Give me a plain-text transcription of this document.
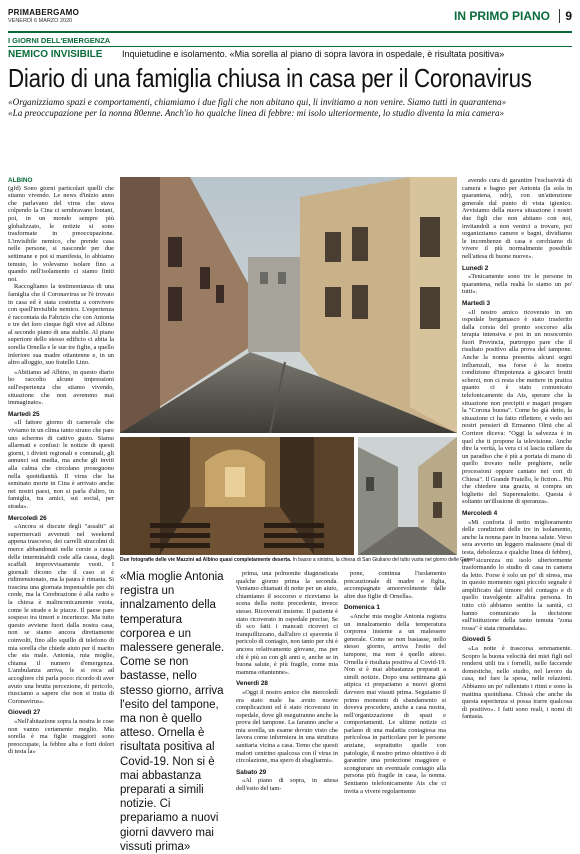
PRIMABERGAMO
VENERDÌ 6 MARZO 2020	IN PRIMO PIANO	9
I GIORNI DELL'EMERGENZA
NEMICO INVISIBILE Inquietudine e isolamento. «Mia sorella al piano di sopra lavora in ospedale, è risultata positiva»
Diario di una famiglia chiusa in casa per il Coronavirus
«Organizziamo spazi e comportamenti, chiamiamo i due figli che non abitano qui, li invitiamo a non venire. Siamo tutti in quarantena»
«La preoccupazione per la nonna 80enne. Anch'io ho qualche linea di febbre: mi isolo ulteriormente, lo studio diventa la mia camera»
ALBINO

(gfd) Sono giorni particolari quelli che stiamo vivendo. Le news d'inizio anno che parlavano del virus che stava colpendo la Cina ci sembravano lontani, poi, in un mondo sempre più globalizzato, le notizie si sono trasformate in preoccupazione. L'invisibile nemico, che prende casa nelle persone, si nasconde per due settimane e poi si manifesta, lo abbiamo temuto, lo volevamo isolare fino a quando nell'isolamento ci siamo finiti noi.

Raccogliamo la testimonianza di una famiglia che il Coronavirus se l'è trovato in casa ed è stata costretta a convivere con quell'invisibile nemico. L'esperienza è raccontata da Fabrizio che con Antonia e tre dei loro cinque figli vive ad Albino al secondo piano di una stabile. Al piano superiore dello stesso edificio ci abita la sorella Ornella e le sue tre figlie, a quello inferiore sua madre ottantenne e, in un altro alloggio, suo fratello Lino.

«Abitiamo ad Albino, in questo diario ho raccolto alcune impressioni sull'esperienza che stiamo vivendo, situazione che non avremmo mai immaginato».

Martedì 25

«Il fattore giorno di carnevale che viviamo in un clima tanto strano che pare uno schermo di cattivo gusto. Siamo allarmati e confusi: le notizie di questi giorni, i divieti regionali e comunali, gli annunci sui media, ma anche gli inviti alla calma che circolano proseguono nella quotidianità. Il virus che ha seminato morte in Cina è arrivato anche nei nostri paesi, non si parla d'altro, in famiglia, tra amici, sui social, per strada».

Mercoledì 26

«Ancora si discute degli "assalti" ai supermercati avvenuti nel weekend appena trascorso, dei carrelli stracolmi di merce abbandonati nelle corsie a causa delle interminabili code alla cassa, degli scaffali improvvisamente vuoti. I giornali dicono che il caso si è ridimensionato, ma la paura è rimasta. Si trascina una giornata impensabile per chi crede, ma la Cerebrazione è alla radio e la chiesa è malinconicamente vuota, come le strade e le piazze. Il paese pare sospeso tra timori e incertezze. Ma tutto questo avviene fuori dalla nostra casa, non se siamo ancora direttamente coinvolti, fino allo squillo di telefono di mia sorella che chiede aiuto per il marito che sta male. Antonia, mia moglie, chiama il numero d'emergenza. L'ambulanza arriva, le si reca ad accogliere chi parla poco: ricordo di aver avuto una brutta percezione, di pericolo, riusciamo a sapere che non si tratta di Coronavirus».

Giovedì 27

«Nell'abitazione sopra la nostra le cose non vanno certamente meglio. Mia sorella è ma figlie maggiori sono preoccupate, la febbre alta e forti dolori di testa la»

Due fotografie delle vie Mazzini ad Albino quasi completamente deserta. In basso a sinistra, la chiesa di San Giuliano del tutto vuota nel giorno delle Ceneri

avendo cura di garantire l'esclusività di camera e bagno per Antonia (la sola in quarantena, ndr), con un'attenzione generale dal punto di vista igienico. Avvisiamo della nuova situazione i nostri due figli che non abitano con noi, invitandoli a non venirci a trovare, poi organizziamo camere e bagni, dividiamo le incombenze di casa e cerchiamo di vivere il più normalmente possibile nell'attesa di buone nuove».

Lunedì 2

«Tenicamente sono tre le persone in quarantena, nella realtà lo siamo un po' tutti».

Martedì 3

«Il nostro amico ricoverato in un ospedale bergamasco è stato trasferito dalla corsia del pronto soccorso alla terapia intensiva e poi in un nosocomio fuori Provincia, purtroppo pare che il risultato positivo alla prova del tampone. Anche la nonna presenta alcuni segni influenzali, ma forse è la nostra condizione d'impotenza a giocarci brutti scherzi, non ci resta che mettere in pratica quanto ci è stato comunicato telefonicamente da Ats, sperare che la situazione non precipiti e magari pregare la "Corona buona". Come ho già detto, la situazione ci ha fatto riflettere, e vedo nei nostri pensieri di Ermanno Olmi che al Corriere diceva: "Oggi la salvezza è in quel che ti propone la televisione. Anche dire la verità, la vera ci si lascia cullare da un paradiso che è più a portata di mano di quello trovato nelle preghiere, nelle processioni oppure cantato nei cori di Chiesa". Il Grande Fratello, le fiction... Più che chiedere una grazia, si compra un biglietto del Superenalotto. Questa è soltanto un'illusione di speranza».

Mercoledì 4

«Mi conforta il netto miglioramento delle condizioni delle tre in isolamento, anche la nonna pare in buona salute. Verso sera avverto un leggero malessere (mal di testa, debolezza e qualche linea di febbre), per sicurezza mi isolo ulteriormente trasformando lo studio di casa in camera da letto. Forse è solo un po' di stress, ma in questo momento ogni piccolo segnale è amplificato dal timore del contagio e di quello travolgente all'altra persona. In tutto ciò abbiamo sentito la sanità, ci hanno comunicato la decisione sull'istituzione della tanto temuta "zona rossa" è stata rimandata».

Giovedì 5

«La notte è trascorsa serenamente. Scopro la buona velocità dei miei figli nel rendersi utili tra i fornelli, nelle faccende domestiche, nello studio, nel lavoro da casa, nel fare la spesa, nelle relazioni. Abbiamo un po' rallentato i ritmi e sono la mattina quotidiana. Chissà che anche da questa esperienza si possa trarre qualcosa di positivo». I fatti sono reali, i nomi di fantasia.

«Mia moglie Antonia registra un innalzamento della temperatura corporea e un malessere generale. Come se non bastasse, nello stesso giorno, arriva l'esito del tampone, ma non è quello atteso. Ornella è risultata positiva al Covid-19. Non si è mai abbastanza preparati a simili notizie. Ci prepariamo a nuovi giorni davvero mai vissuti prima»

prima, una polmonite diagnosticata qualche giorno prima la seconda. Veniamo chiamati di notte per un aiuto, chiamiamo il soccorso e riceviamo la scena della notte precedente, invece stesso. Ricoverati insieme. Il paziente è stato ricoverato in ospedale precise, Se dì sco fatti i mancati ricoveri ci tranquillizzano, dall'altro ci spaventa il pericolo di contagio, non tanto per chi è ancora relativamente giovane, ma per chi è più su con gli anni e, anche se in buona salute, è più fragile, come mia mamma ottantenne».

Venerdì 28

«Oggi il nostro amico che mercoledì era stato male ha avuto nuove complicazioni ed è stato ricoverato in ospedale, dove gli eseguiranno anche la prova del tampone. La faranno anche a mia sorella, un esame dovuto visto che lavora come infermiera in una struttura sanitaria vicina a casa. Temo che questi malori centrino qualcosa con il virus in circolazione, ma spero di sbagliarmi».

Sabato 29

«Al piano di sopra, in attesa dell'esito del tam-

pone, continua l'isolamento precauzionale di madre e figlia, accompagnate amorevolmente dalle altre due figlie di Ornella».

Domenica 1

«Anche mia moglie Antonia registra un innalzamento della temperatura corporea insieme a un malessere generale. Come se non bastasse, nello stesso giorno, arriva l'esito del tampone, ma non è quello atteso. Ornella è risultata positiva al Covid-19. Non si è mai abbastanza preparati a simili notizie. Dopo una settimana già atipica ci prepariamo a nuovi giorni davvero mai vissuti prima. Seguiamo il primo momento di sbandamento si doveva procedere, anche a casa nostra, nell'organizzazione di spazi e comportamenti. Le ultime notizie ci parlano di una malattia contagiosa ma pericolosa in particolare per le persone anziane, soprattutto quelle con patologie, il nostro primo obiettivo è di garantire una protezione maggiore e scongiurare un eventuale contagio alla persona più fragile in casa, la nonna. Sentiamo telefonicamente Ats che ci invita a vivere regolarmente
